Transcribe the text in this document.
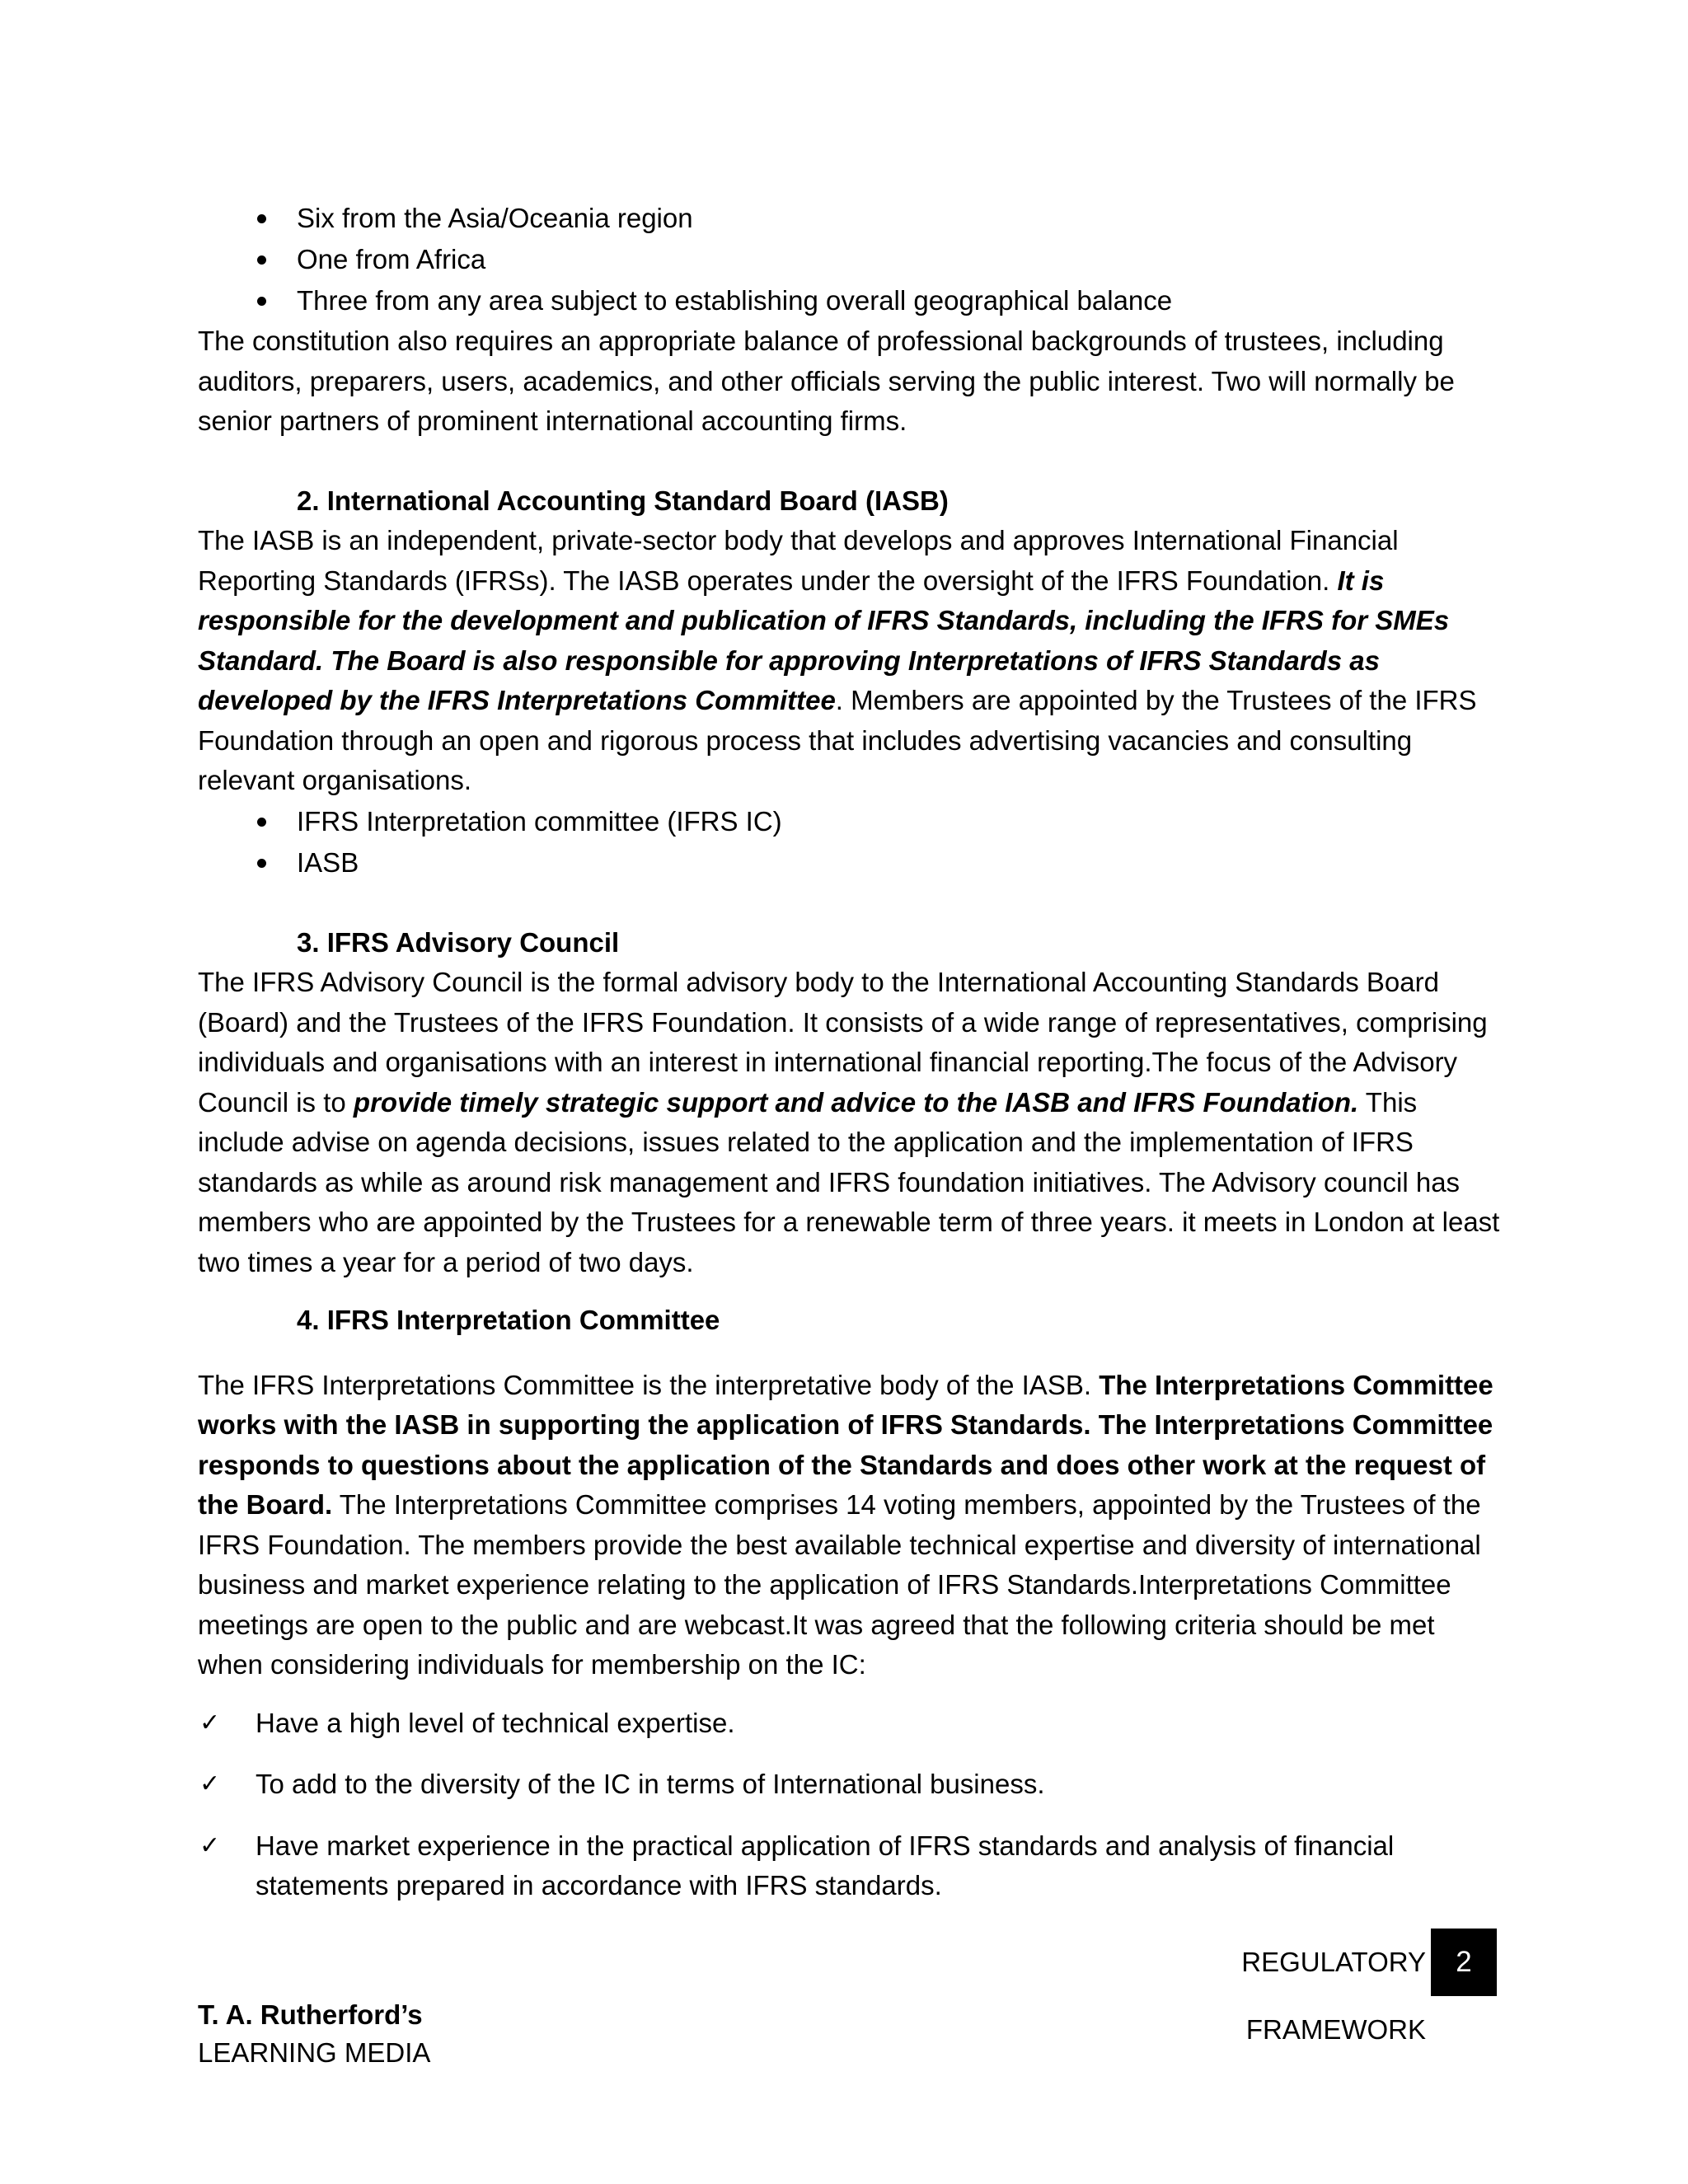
Six from the Asia/Oceania region
One from Africa
Three from any area subject to establishing overall geographical balance

The constitution also requires an appropriate balance of professional backgrounds of trustees, including auditors, preparers, users, academics, and other officials serving the public interest. Two will normally be senior partners of prominent international accounting firms.

2. International Accounting Standard Board (IASB)

The IASB is an independent, private-sector body that develops and approves International Financial Reporting Standards (IFRSs). The IASB operates under the oversight of the IFRS Foundation. It is responsible for the development and publication of IFRS Standards, including the IFRS for SMEs Standard. The Board is also responsible for approving Interpretations of IFRS Standards as developed by the IFRS Interpretations Committee. Members are appointed by the Trustees of the IFRS Foundation through an open and rigorous process that includes advertising vacancies and consulting relevant organisations.

IFRS Interpretation committee (IFRS IC)
IASB
3. IFRS Advisory Council

The IFRS Advisory Council is the formal advisory body to the International Accounting Standards Board (Board) and the Trustees of the IFRS Foundation. It consists of a wide range of representatives, comprising individuals and organisations with an interest in international financial reporting.The focus of the Advisory Council is to provide timely strategic support and advice to the IASB and IFRS Foundation. This include advise on agenda decisions, issues related to the application and the implementation of IFRS standards as while as around risk management and IFRS foundation initiatives. The Advisory council has members who are appointed by the Trustees for a renewable term of three years. it meets in London at least two times a year for a period of two days.

4. IFRS Interpretation Committee

The IFRS Interpretations Committee is the interpretative body of the IASB. The Interpretations Committee works with the IASB in supporting the application of IFRS Standards. The Interpretations Committee responds to questions about the application of the Standards and does other work at the request of the Board. The Interpretations Committee comprises 14 voting members, appointed by the Trustees of the IFRS Foundation. The members provide the best available technical expertise and diversity of international business and market experience relating to the application of IFRS Standards.Interpretations Committee meetings are open to the public and are webcast.It was agreed that the following criteria should be met when considering individuals for membership on the IC:

✓ Have a high level of technical expertise.
✓ To add to the diversity of the IC in terms of International business.
✓ Have market experience in the practical application of IFRS standards and analysis of financial statements prepared in accordance with IFRS standards.
REGULATORY FRAMEWORK
2
T. A. Rutherford’s
LEARNING MEDIA
